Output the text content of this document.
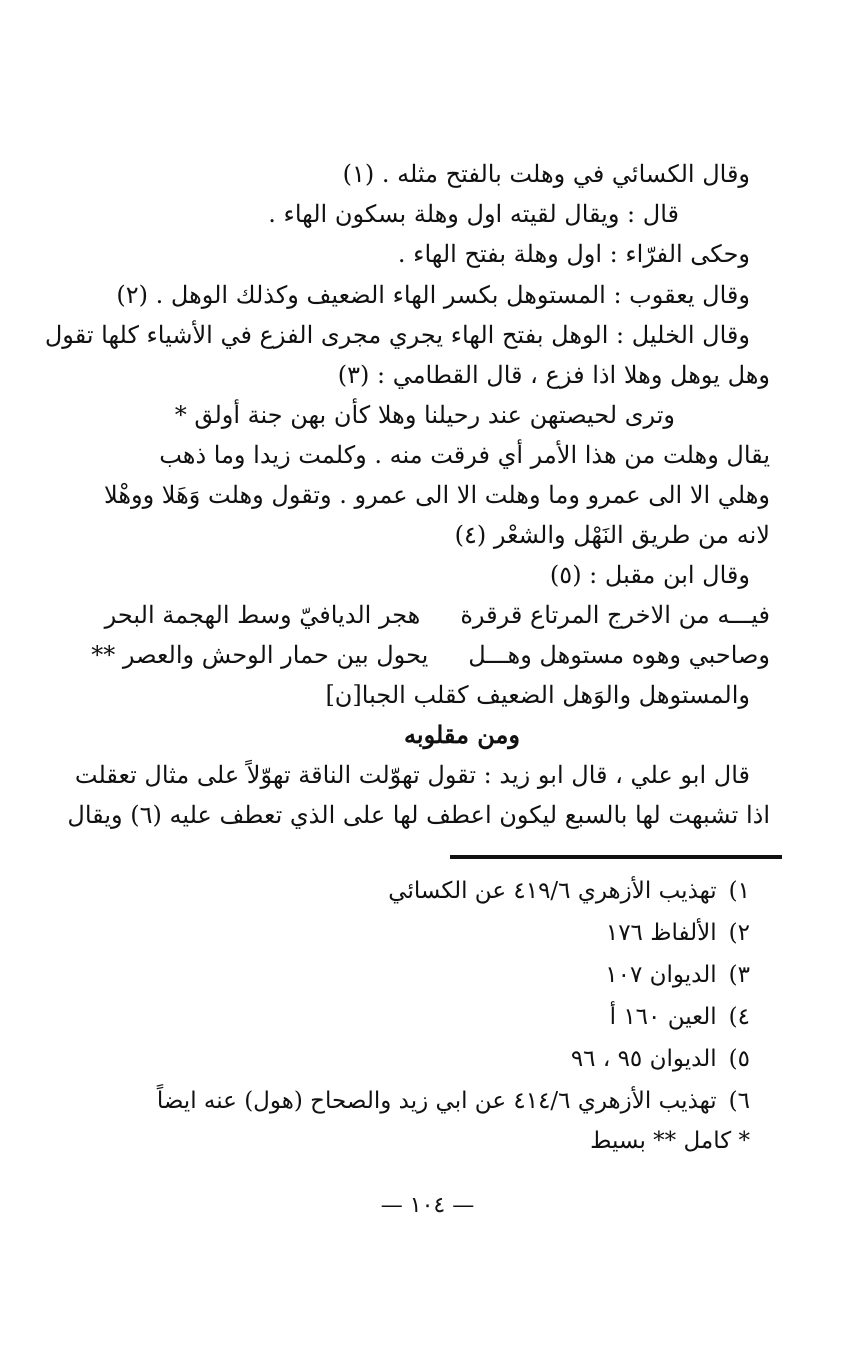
وقال الكسائي في وهلت بالفتح مثله . (١)
قال : ويقال لقيته اول وهلة بسكون الهاء .
وحكى الفرّاء : اول وهلة بفتح الهاء .
وقال يعقوب : المستوهل بكسر الهاء الضعيف وكذلك الوهل . (٢)
وقال الخليل : الوهل بفتح الهاء يجري مجرى الفزع في الأشياء كلها تقول
وهل يوهل وهلا اذا فزع ، قال القطامي : (٣)
وترى لحيصتهن عند رحيلنا وهلا كأن بهن جنة أولق *
يقال وهلت من هذا الأمر أي فرقت منه . وكلمت زيدا وما ذهب
وهلي الا الى عمرو وما وهلت الا الى عمرو . وتقول وهلت وَهَلا ووهْلا
لانه من طريق النَهْل والشعْر (٤)
وقال ابن مقبل : (٥)
فيـــه من الاخرج المرتاع قرقرة
هجر الديافيّ وسط الهجمة البحر
وصاحبي وهوه مستوهل وهـــل
يحول بين حمار الوحش والعصر **
والمستوهل والوَهل الضعيف كقلب الجبا[ن]
ومن مقلوبه
قال ابو علي ، قال ابو زيد : تقول تهوّلت الناقة تهوّلاً على مثال تعقلت
اذا تشبهت لها بالسبع ليكون اعطف لها على الذي تعطف عليه (٦) ويقال
١)تهذيب الأزهري ٤١٩/٦ عن الكسائي
٢)الألفاظ ١٧٦
٣)الديوان ١٠٧
٤)العين ١٦٠ أ
٥)الديوان ٩٥ ، ٩٦
٦)تهذيب الأزهري ٤١٤/٦ عن ابي زيد والصحاح (هول) عنه ايضاً
* كامل ** بسيط
— ١٠٤ —
